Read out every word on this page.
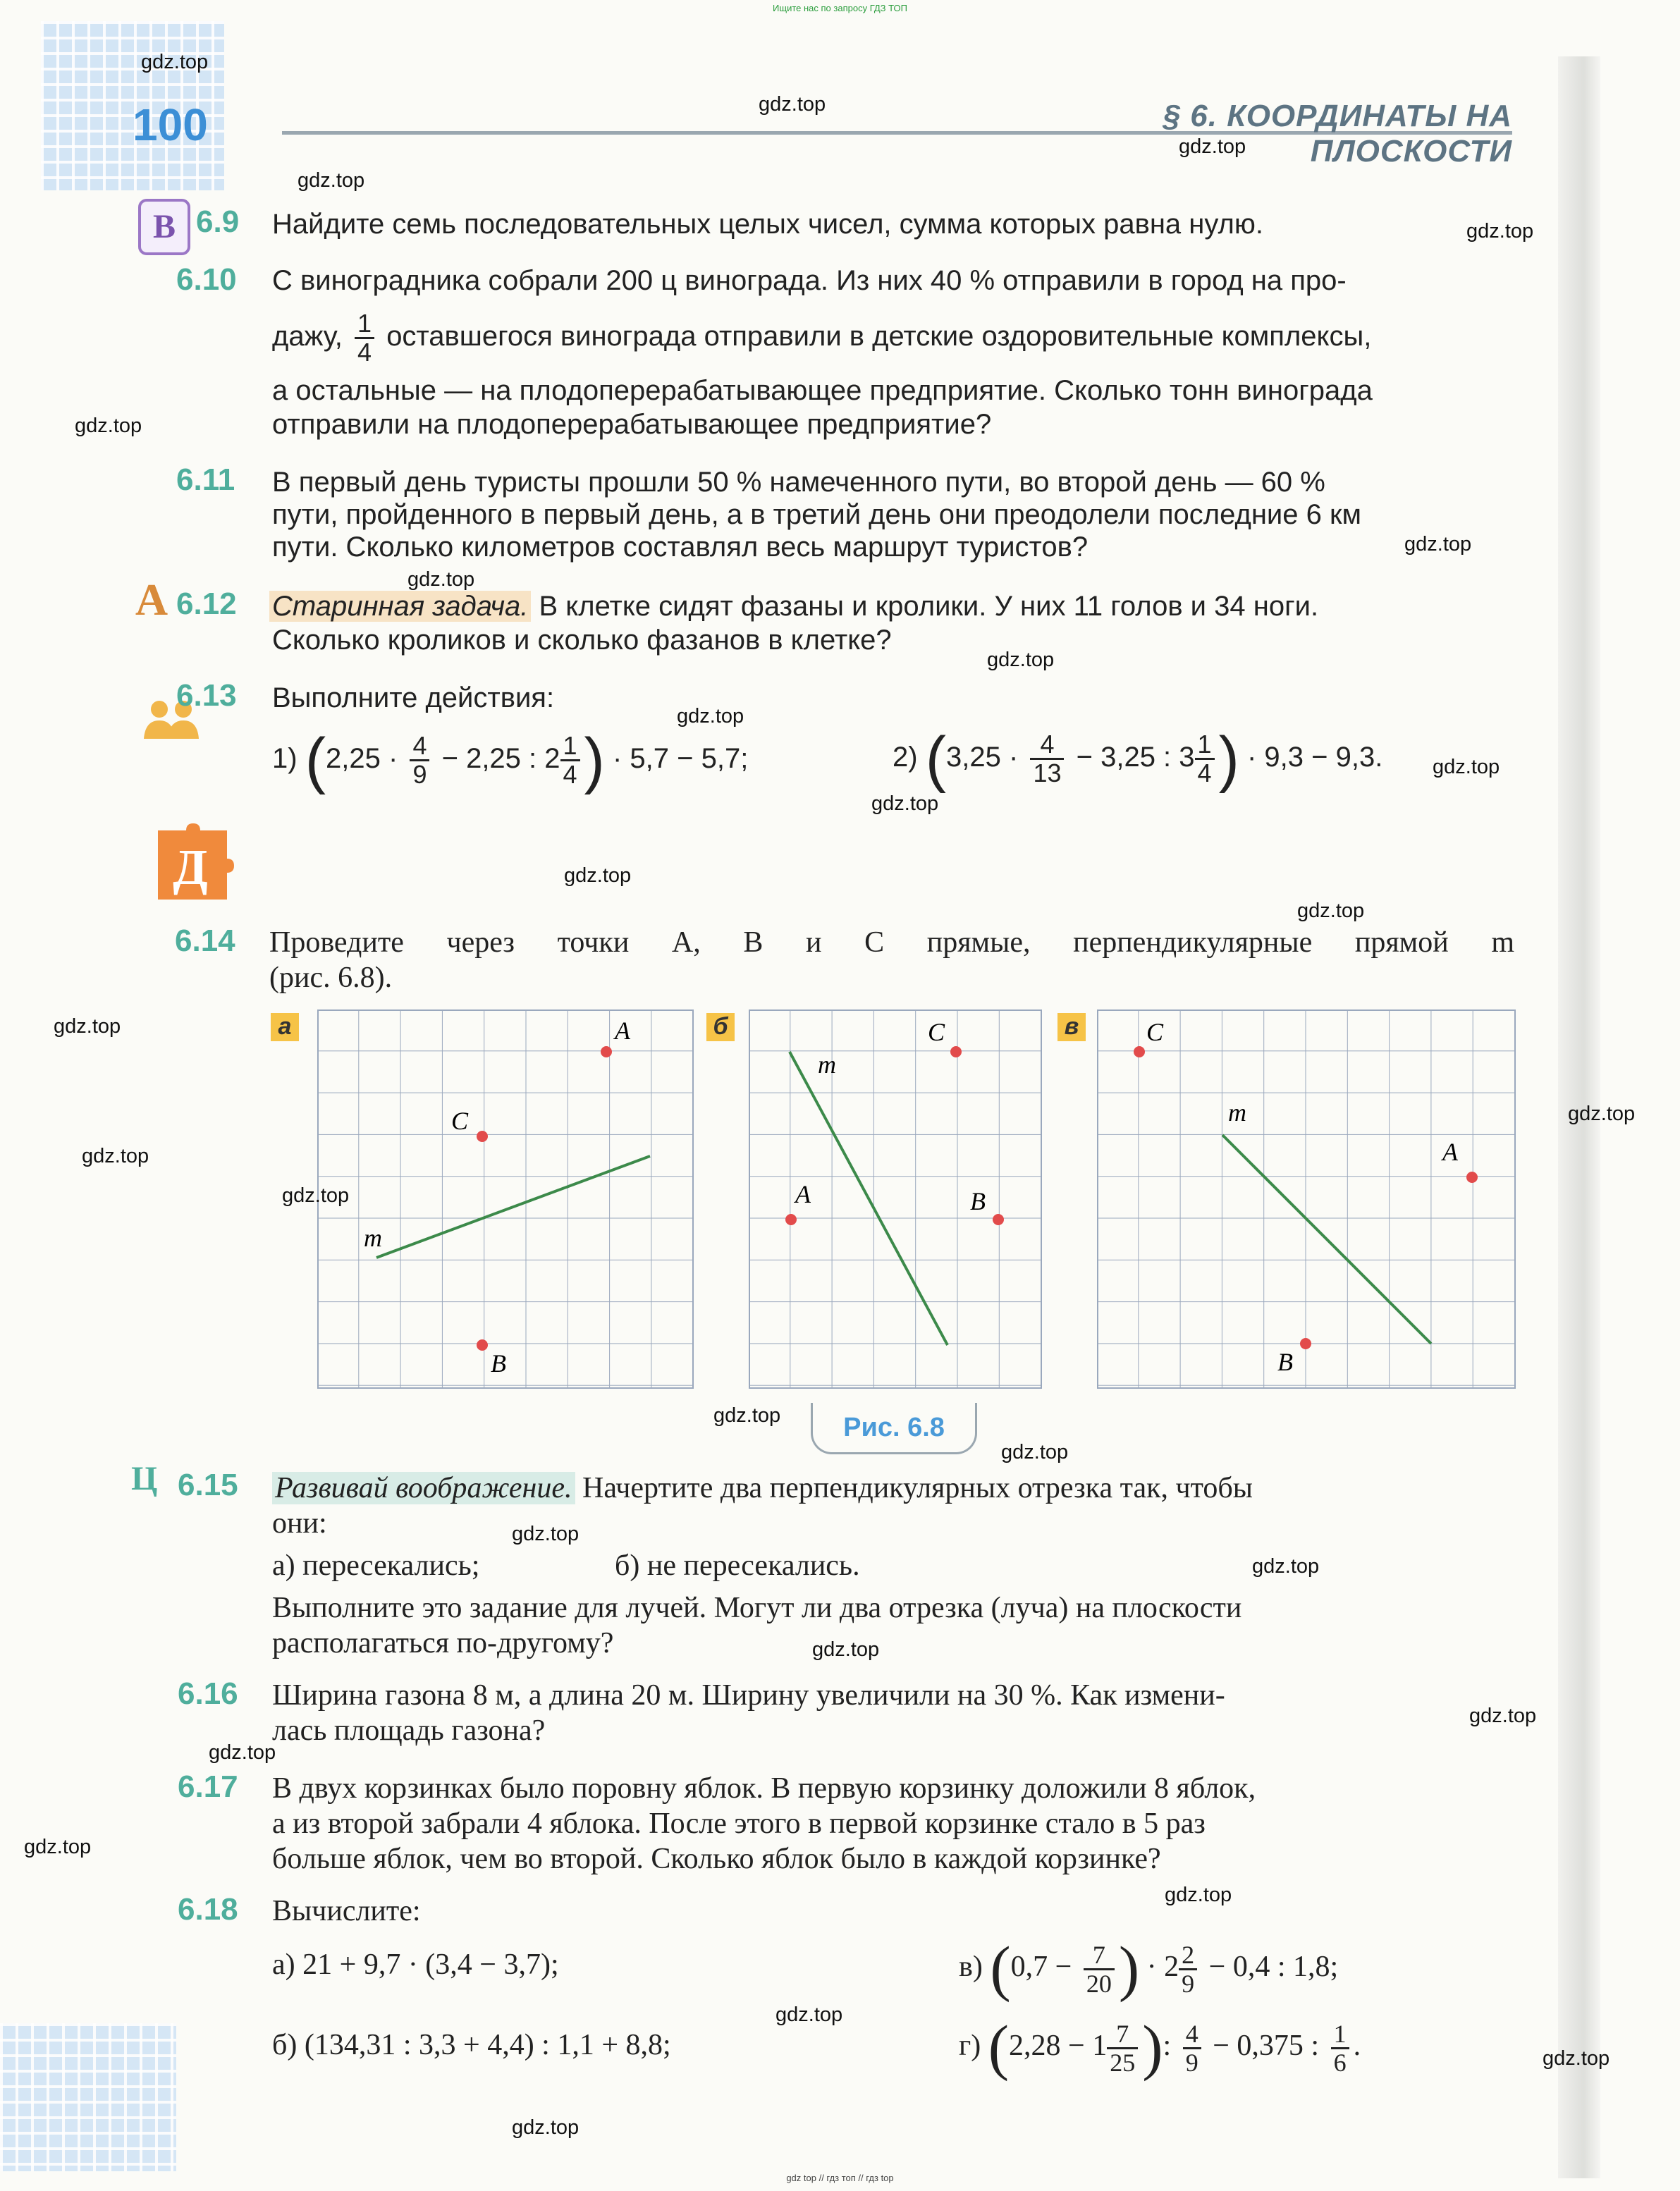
Ищите нас по запросу ГДЗ ТОП
100	§ 6. КООРДИНАТЫ НА ПЛОСКОСТИ
В 6.9 Найдите семь последовательных целых чисел, сумма которых равна нулю.
6.10 С виноградника собрали 200 ц винограда. Из них 40 % отправили в город на про-
дажу, $\frac{1}{4}$ оставшегося винограда отправили в детские оздоровительные комплексы,
а остальные — на плодоперерабатывающее предприятие. Сколько тонн винограда
отправили на плодоперерабатывающее предприятие?
6.11 В первый день туристы прошли 50 % намеченного пути, во второй день — 60 %
пути, пройденного в первый день, а в третий день они преодолели последние 6 км
пути. Сколько километров составлял весь маршрут туристов?
А 6.12 Старинная задача. В клетке сидят фазаны и кролики. У них 11 голов и 34 ноги.
Сколько кроликов и сколько фазанов в клетке?
6.13 Выполните действия:
1) ($2,25 \cdot \frac{4}{9} - 2,25$ : $2 \frac{1}{4}$ ) · 5,7 − 5,7;	2) ($3,25 \cdot \frac{4}{13} - 3,25$ : $3 \frac{1}{4}$ ) · 9,3 − 9,3.
Д
6.14 Проведите через точки A, B и C прямые, перпендикулярные прямой m
(рис. 6.8).
а	б	в
m
A
C
B
m
C
A	B
m
C
A
B
Рис. 6.8
Ц 6.15 Развивай воображение. Начертите два перпендикулярных отрезка так, чтобы
они:
а) пересекались;	б) не пересекались.
Выполните это задание для лучей. Могут ли два отрезка (луча) на плоскости
располагаться по-другому?
6.16 Ширина газона 8 м, а длина 20 м. Ширину увеличили на 30 %. Как измени-
лась площадь газона?
6.17 В двух корзинках было поровну яблок. В первую корзинку доложили 8 яблок,
а из второй забрали 4 яблока. После этого в первой корзинке стало в 5 раз
больше яблок, чем во второй. Сколько яблок было в каждой корзинке?
6.18 Вычислите:
а) 21 + 9,7 · (3,4 − 3,7);
б) (134,31 : 3,3 + 4,4) : 1,1 + 8,8;
в) ($0,7 - \frac{7}{20}$ ) · $2 \frac{2}{9} - 0,4$ : 1,8;
г) ($2,28 - 1 \frac{7}{25}$ ): $\frac{4}{9} - 0,375$ : $\frac{1}{6}$ .
gdz.top
gdz.top
gdz.top
gdz.top
gdz.top
gdz.top
gdz.top
gdz.top
gdz.top
gdz.top
gdz.top
gdz.top
gdz.top
gdz.top
gdz.top
gdz.top
gdz.top
gdz.top
gdz.top
gdz.top
gdz.top
gdz.top
gdz.top
gdz.top
gdz.top
gdz.top
gdz.top
gdz.top
gdz.top
gdz.top
gdz top // гдз топ // гдз top
